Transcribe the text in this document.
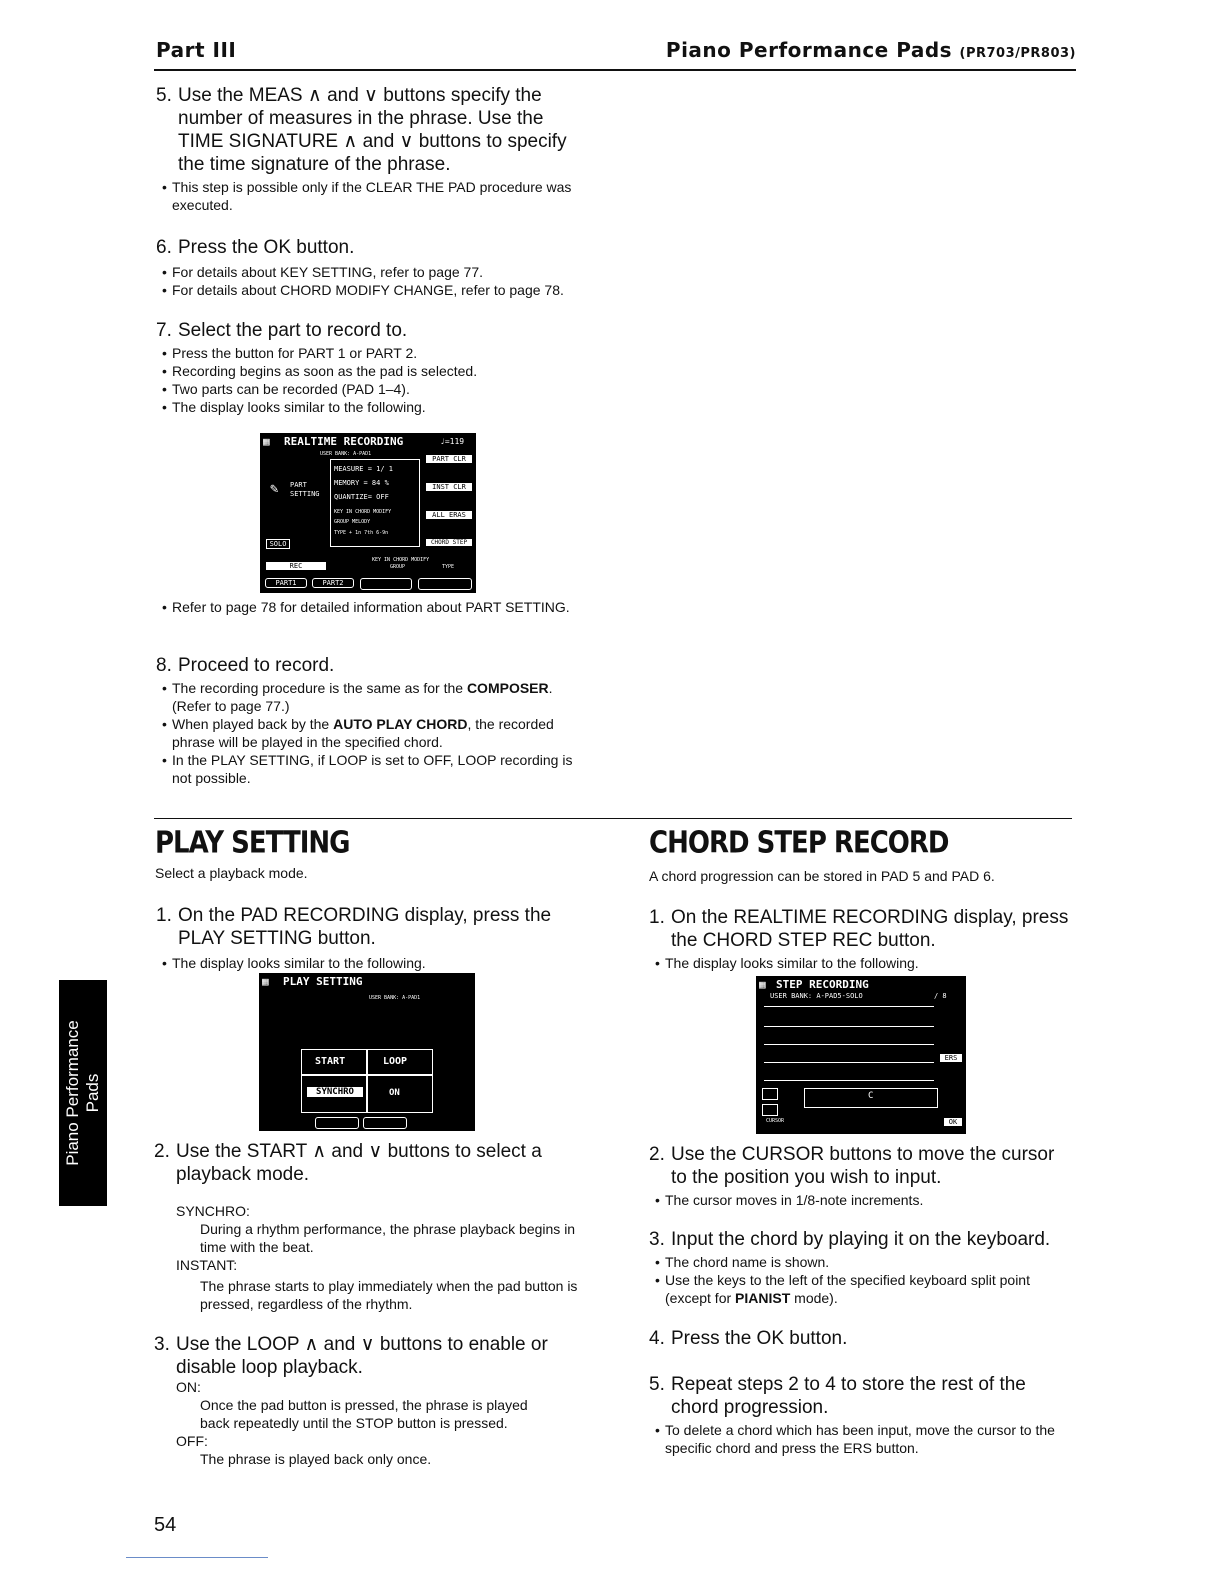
Part III	Piano Performance Pads (PR703/PR803)
5. Use the MEAS ∧ and ∨ buttons specify the number of measures in the phrase. Use the TIME SIGNATURE ∧ and ∨ buttons to specify the time signature of the phrase.
• This step is possible only if the CLEAR THE PAD procedure was executed.
6. Press the OK button.
• For details about KEY SETTING, refer to page 77.
• For details about CHORD MODIFY CHANGE, refer to page 78.
7. Select the part to record to.
• Press the button for PART 1 or PART 2.
• Recording begins as soon as the pad is selected.
• Two parts can be recorded (PAD 1–4).
• The display looks similar to the following.
▦ REALTIME RECORDING	♩=119
USER BANK: A-PAD1
MEASURE = 1/ 1
MEMORY = 84 %
QUANTIZE= OFF
KEY IN CHORD MODIFY
GROUP MELODY
TYPE + 1n 7th 6-9n
✎ PART SETTING
SOLO
PART CLR
INST CLR
ALL ERAS
CHORD STEP
REC
KEY IN CHORD MODIFY
GROUP	TYPE
PART1	PART2
• Refer to page 78 for detailed information about PART SETTING.
8. Proceed to record.
• The recording procedure is the same as for the COMPOSER. (Refer to page 77.)
• When played back by the AUTO PLAY CHORD, the recorded phrase will be played in the specified chord.
• In the PLAY SETTING, if LOOP is set to OFF, LOOP recording is not possible.
PLAY SETTING
Select a playback mode.
1. On the PAD RECORDING display, press the PLAY SETTING button.
• The display looks similar to the following.
▦ PLAY SETTING
USER BANK: A-PAD1
START	LOOP
SYNCHRO	ON
2. Use the START ∧ and ∨ buttons to select a playback mode.
SYNCHRO:
During a rhythm performance, the phrase playback begins in time with the beat.
INSTANT:
The phrase starts to play immediately when the pad button is pressed, regardless of the rhythm.
3. Use the LOOP ∧ and ∨ buttons to enable or disable loop playback.
ON:
Once the pad button is pressed, the phrase is played back repeatedly until the STOP button is pressed.
OFF:
The phrase is played back only once.
CHORD STEP RECORD
A chord progression can be stored in PAD 5 and PAD 6.
1. On the REALTIME RECORDING display, press the CHORD STEP REC button.
• The display looks similar to the following.
▦ STEP RECORDING
USER BANK: A-PAD5-SOLO	/ 8
C
ERS
CURSOR	OK
2. Use the CURSOR buttons to move the cursor to the position you wish to input.
• The cursor moves in 1/8-note increments.
3. Input the chord by playing it on the keyboard.
• The chord name is shown.
• Use the keys to the left of the specified keyboard split point (except for PIANIST mode).
4. Press the OK button.
5. Repeat steps 2 to 4 to store the rest of the chord progression.
• To delete a chord which has been input, move the cursor to the specific chord and press the ERS button.
Piano Performance Pads
54
